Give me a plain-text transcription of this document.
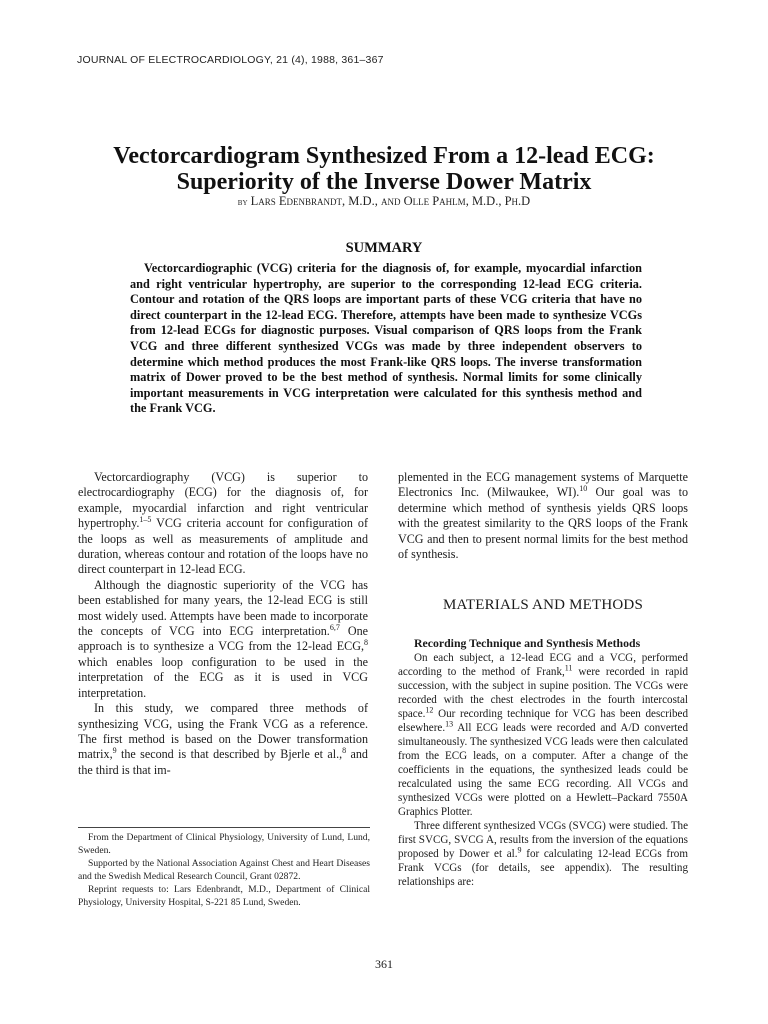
JOURNAL OF ELECTROCARDIOLOGY, 21 (4), 1988, 361–367
Vectorcardiogram Synthesized From a 12-lead ECG:
Superiority of the Inverse Dower Matrix
by Lars Edenbrandt, M.D., and Olle Pahlm, M.D., Ph.D
SUMMARY

Vectorcardiographic (VCG) criteria for the diagnosis of, for example, myocardial infarction and right ventricular hypertrophy, are superior to the corresponding 12-lead ECG criteria. Contour and rotation of the QRS loops are important parts of these VCG criteria that have no direct counterpart in the 12-lead ECG. Therefore, attempts have been made to synthesize VCGs from 12-lead ECGs for diagnostic purposes. Visual comparison of QRS loops from the Frank VCG and three different synthesized VCGs was made by three independent observers to determine which method produces the most Frank-like QRS loops. The inverse transformation matrix of Dower proved to be the best method of synthesis. Normal limits for some clinically important measurements in VCG interpretation were calculated for this synthesis method and the Frank VCG.

Vectorcardiography (VCG) is superior to electrocardiography (ECG) for the diagnosis of, for example, myocardial infarction and right ventricular hypertrophy.$^{1-5}$ VCG criteria account for configuration of the loops as well as measurements of amplitude and duration, whereas contour and rotation of the loops have no direct counterpart in 12-lead ECG.

Although the diagnostic superiority of the VCG has been established for many years, the 12-lead ECG is still most widely used. Attempts have been made to incorporate the concepts of VCG into ECG interpretation.$^{6,7}$ One approach is to synthesize a VCG from the 12-lead ECG,$^8$ which enables loop configuration to be used in the interpretation of the ECG as it is used in VCG interpretation.

In this study, we compared three methods of synthesizing VCG, using the Frank VCG as a reference. The first method is based on the Dower transformation matrix,$^9$ the second is that described by Bjerle et al.,$^8$ and the third is that im-

From the Department of Clinical Physiology, University of Lund, Lund, Sweden.

Supported by the National Association Against Chest and Heart Diseases and the Swedish Medical Research Council, Grant 02872.

Reprint requests to: Lars Edenbrandt, M.D., Department of Clinical Physiology, University Hospital, S-221 85 Lund, Sweden.

plemented in the ECG management systems of Marquette Electronics Inc. (Milwaukee, WI).$^{10}$ Our goal was to determine which method of synthesis yields QRS loops with the greatest similarity to the QRS loops of the Frank VCG and then to present normal limits for the best method of synthesis.

MATERIALS AND METHODS

Recording Technique and Synthesis Methods

On each subject, a 12-lead ECG and a VCG, performed according to the method of Frank,$^{11}$ were recorded in rapid succession, with the subject in supine position. The VCGs were recorded with the chest electrodes in the fourth intercostal space.$^{12}$ Our recording technique for VCG has been described elsewhere.$^{13}$ All ECG leads were recorded and A/D converted simultaneously. The synthesized VCG leads were then calculated from the ECG leads, on a computer. After a change of the coefficients in the equations, the synthesized leads could be recalculated using the same ECG recording. All VCGs and synthesized VCGs were plotted on a Hewlett–Packard 7550A Graphics Plotter.

Three different synthesized VCGs (SVCG) were studied. The first SVCG, SVCG A, results from the inversion of the equations proposed by Dower et al.$^9$ for calculating 12-lead ECGs from Frank VCGs (for details, see appendix). The resulting relationships are:

361
